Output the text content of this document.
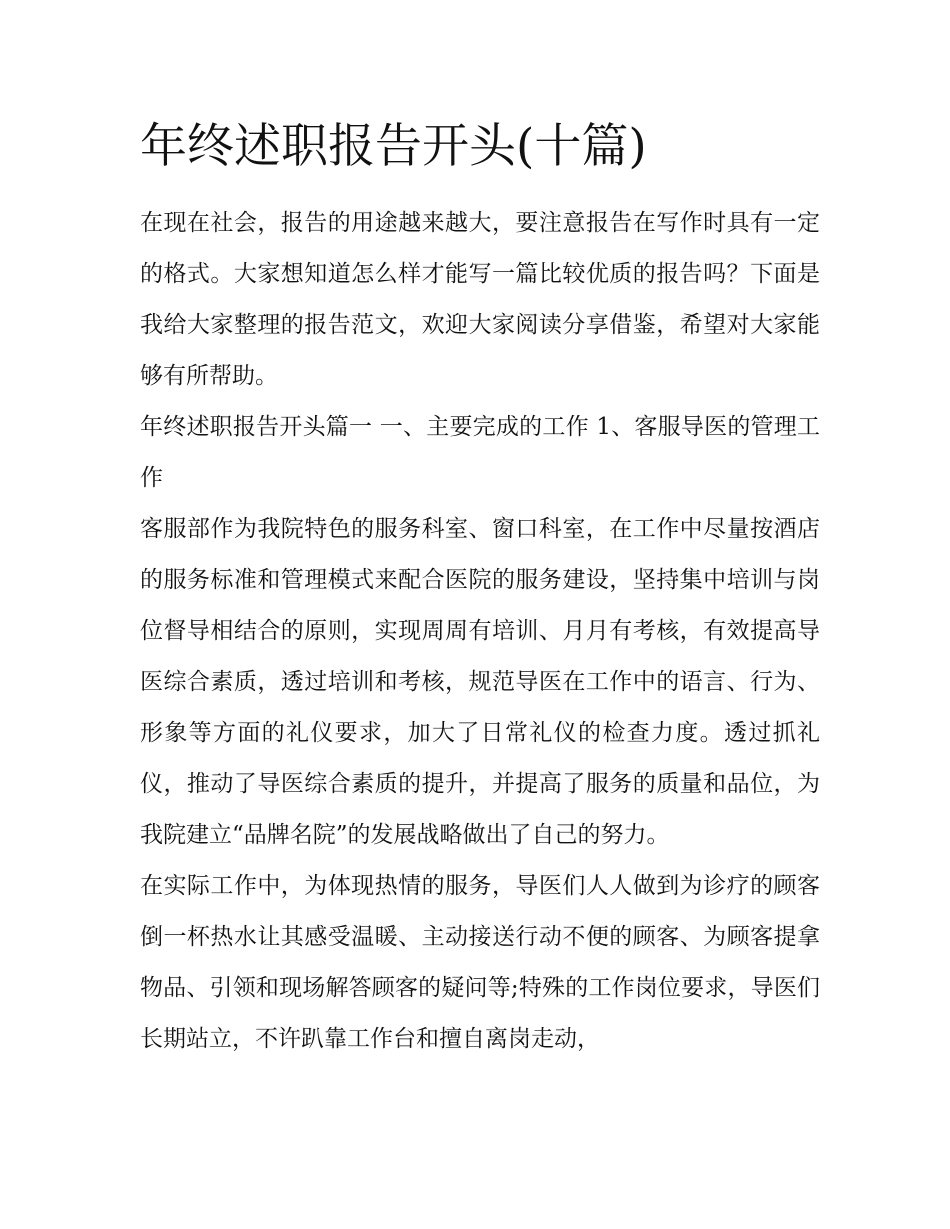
年终述职报告开头(十篇)

在现在社会，报告的用途越来越大，要注意报告在写作时具有一定的格式。大家想知道怎么样才能写一篇比较优质的报告吗？下面是我给大家整理的报告范文，欢迎大家阅读分享借鉴，希望对大家能够有所帮助。

年终述职报告开头篇一 一、主要完成的工作 1、客服导医的管理工作

客服部作为我院特色的服务科室、窗口科室，在工作中尽量按酒店的服务标准和管理模式来配合医院的服务建设，坚持集中培训与岗位督导相结合的原则，实现周周有培训、月月有考核，有效提高导医综合素质，透过培训和考核，规范导医在工作中的语言、行为、形象等方面的礼仪要求，加大了日常礼仪的检查力度。透过抓礼仪，推动了导医综合素质的提升，并提高了服务的质量和品位，为我院建立“品牌名院”的发展战略做出了自己的努力。

在实际工作中，为体现热情的服务，导医们人人做到为诊疗的顾客倒一杯热水让其感受温暖、主动接送行动不便的顾客、为顾客提拿物品、引领和现场解答顾客的疑问等;特殊的工作岗位要求，导医们长期站立，不许趴靠工作台和擅自离岗走动，
